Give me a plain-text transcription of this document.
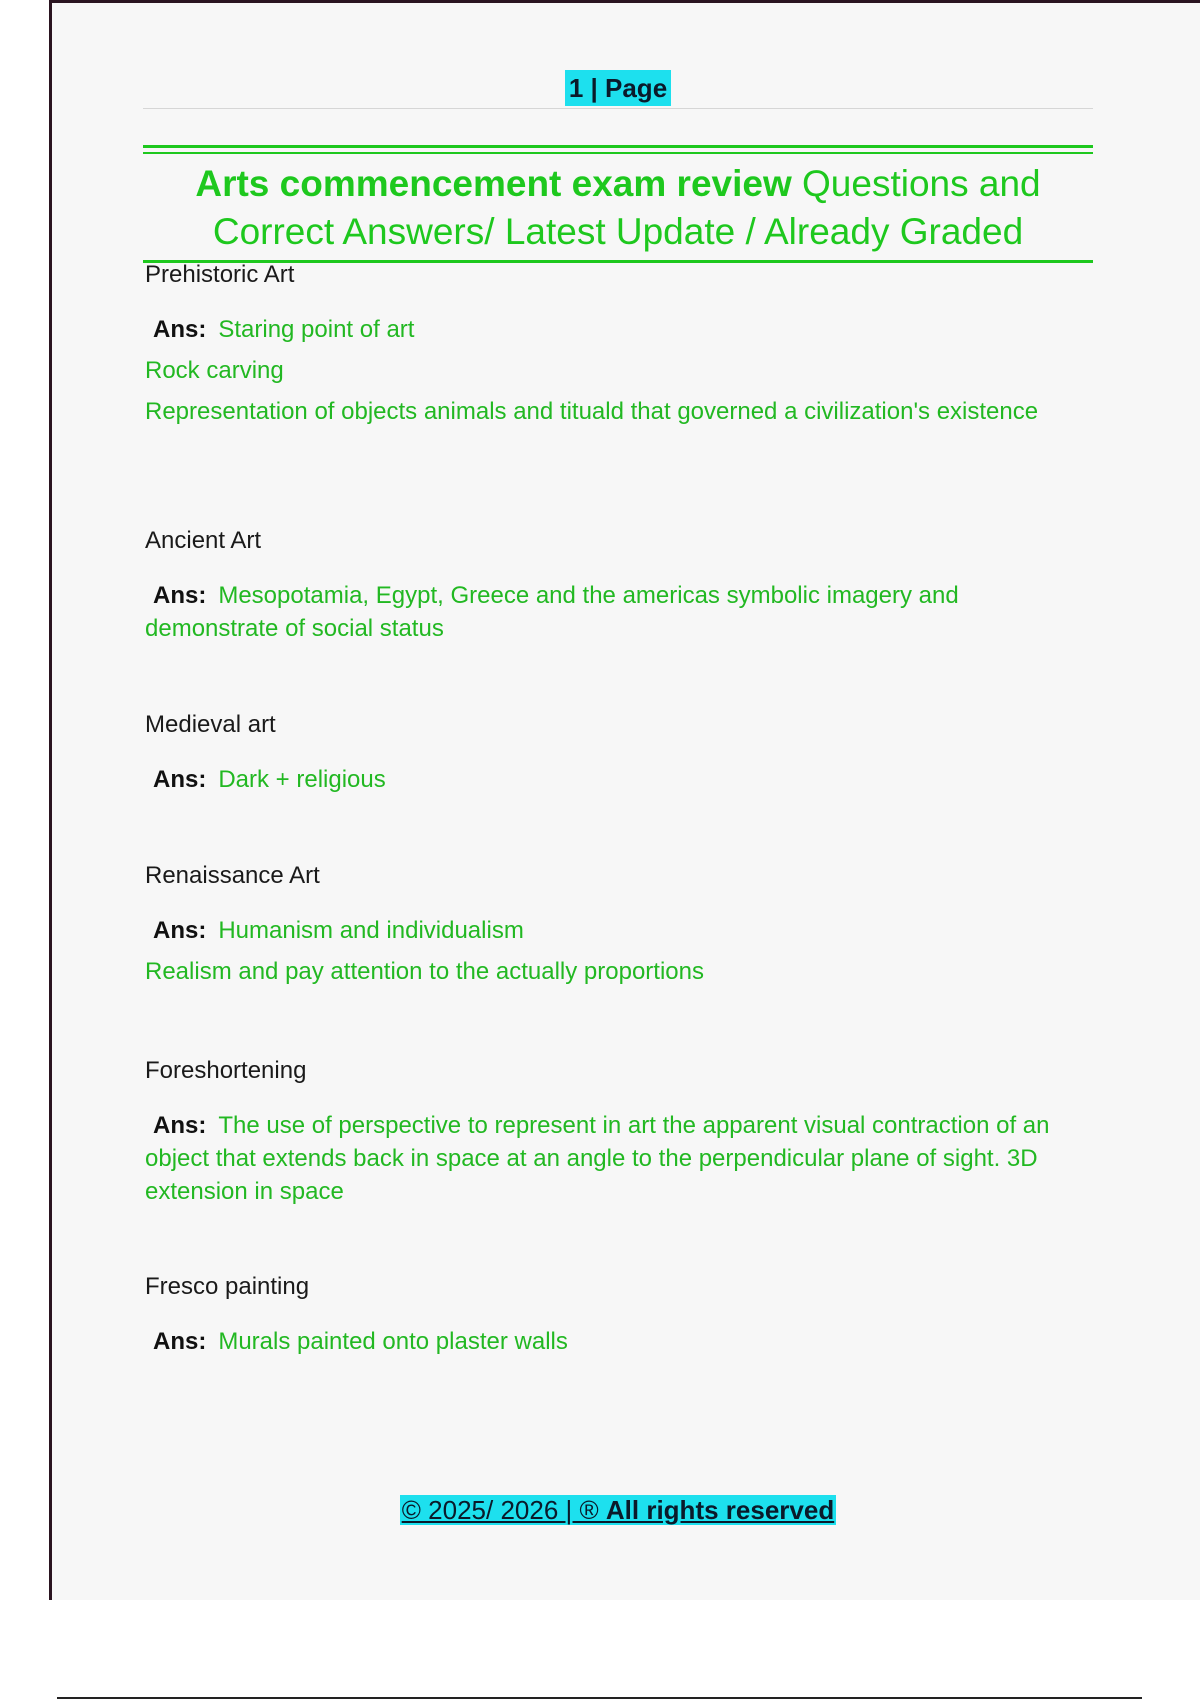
1 | Page
Arts commencement exam review Questions and Correct Answers/ Latest Update / Already Graded
Prehistoric Art
Ans: Staring point of art
Rock carving
Representation of objects animals and tituald that governed a civilization's existence
Ancient Art
Ans: Mesopotamia, Egypt, Greece and the americas symbolic imagery and demonstrate of social status
Medieval art
Ans: Dark + religious
Renaissance Art
Ans: Humanism and individualism
Realism and pay attention to the actually proportions
Foreshortening
Ans: The use of perspective to represent in art the apparent visual contraction of an object that extends back in space at an angle to the perpendicular plane of sight. 3D extension in space
Fresco painting
Ans: Murals painted onto plaster walls
© 2025/ 2026 | ® All rights reserved
